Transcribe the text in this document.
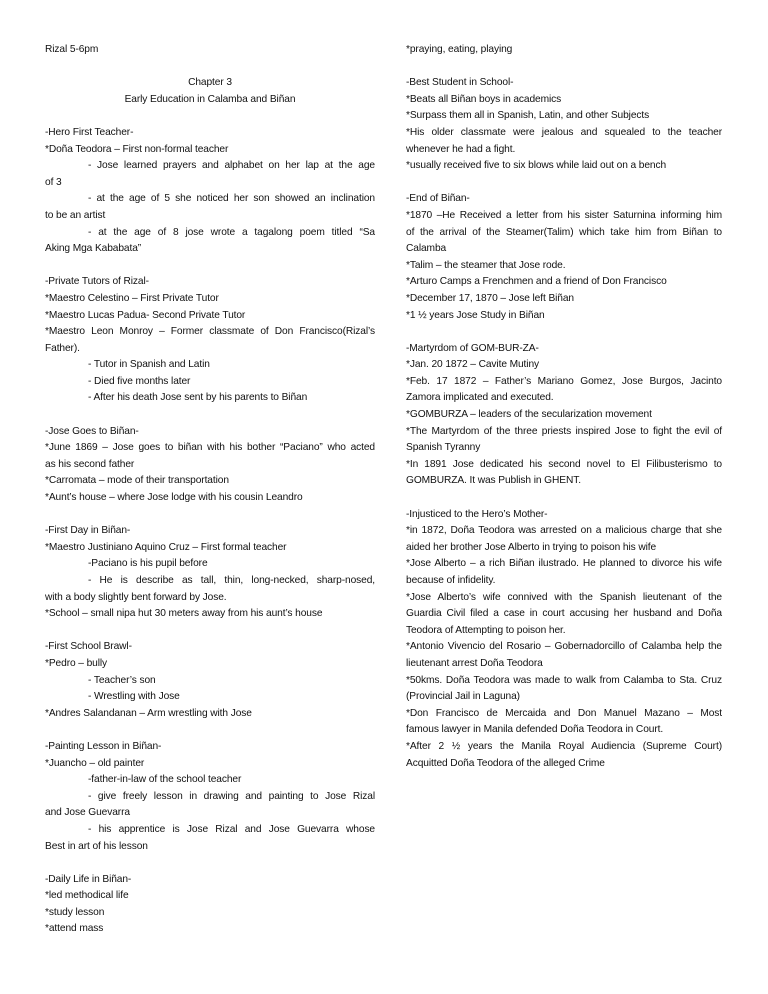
Rizal 5-6pm
Chapter 3
Early Education in Calamba and Biñan
-Hero First Teacher-
*Doña Teodora – First non-formal teacher
- Jose learned prayers and alphabet on her lap at the age
of 3
- at the age of 5 she noticed her son showed an inclination
to be an artist
- at the age of 8 jose wrote a tagalong poem titled “Sa
Aking Mga Kababata”
-Private Tutors of Rizal-
*Maestro Celestino – First Private Tutor
*Maestro Lucas Padua- Second Private Tutor
*Maestro Leon Monroy – Former classmate of Don Francisco(Rizal’s
Father).
- Tutor in Spanish and Latin
- Died five months later
- After his death Jose sent by his parents to Biñan
-Jose Goes to Biñan-
*June 1869 – Jose goes to biñan with his bother “Paciano” who acted
as his second father
*Carromata – mode of their transportation
*Aunt’s house – where Jose lodge with his cousin Leandro
-First Day in Biñan-
*Maestro Justiniano Aquino Cruz – First formal teacher
-Paciano is his pupil before
- He is describe as tall, thin, long-necked, sharp-nosed,
with a body slightly bent forward by Jose.
*School – small nipa hut 30 meters away from his aunt’s house
-First School Brawl-
*Pedro – bully
- Teacher’s son
- Wrestling with Jose
*Andres Salandanan – Arm wrestling with Jose
-Painting Lesson in Biñan-
*Juancho – old painter
-father-in-law of the school teacher
- give freely lesson in drawing and painting to Jose Rizal
and Jose Guevarra
- his apprentice is Jose Rizal and Jose Guevarra whose
Best in art of his lesson
-Daily Life in Biñan-
*led methodical life
*study lesson
*attend mass
*praying, eating, playing
-Best Student in School-
*Beats all Biñan boys in academics
*Surpass them all in Spanish, Latin, and other Subjects
*His older classmate were jealous and squealed to the teacher
whenever he had a fight.
*usually received five to six blows while laid out on a bench
-End of Biñan-
*1870 –He Received a letter from his sister Saturnina informing him
of the arrival of the Steamer(Talim) which take him from Biñan to
Calamba
*Talim – the steamer that Jose rode.
*Arturo Camps a Frenchmen and a friend of Don Francisco
*December 17, 1870 – Jose left Biñan
*1 ½ years Jose Study in Biñan
-Martyrdom of GOM-BUR-ZA-
*Jan. 20 1872 – Cavite Mutiny
*Feb. 17 1872 – Father’s Mariano Gomez, Jose Burgos, Jacinto
Zamora implicated and executed.
*GOMBURZA – leaders of the secularization movement
*The Martyrdom of the three priests inspired Jose to fight the evil of
Spanish Tyranny
*In 1891 Jose dedicated his second novel to El Filibusterismo to
GOMBURZA. It was Publish in GHENT.
-Injusticed to the Hero’s Mother-
*in 1872, Doña Teodora was arrested on a malicious charge that she
aided her brother Jose Alberto in trying to poison his wife
*Jose Alberto – a rich Biñan ilustrado. He planned to divorce his wife
because of infidelity.
*Jose Alberto’s wife connived with the Spanish lieutenant of the
Guardia Civil filed a case in court accusing her husband and Doña
Teodora of Attempting to poison her.
*Antonio Vivencio del Rosario – Gobernadorcillo of Calamba help the
lieutenant arrest Doña Teodora
*50kms. Doña Teodora was made to walk from Calamba to Sta. Cruz
(Provincial Jail in Laguna)
*Don Francisco de Mercaida and Don Manuel Mazano – Most
famous lawyer in Manila defended Doña Teodora in Court.
*After 2 ½ years the Manila Royal Audiencia (Supreme Court)
Acquitted Doña Teodora of the alleged Crime
